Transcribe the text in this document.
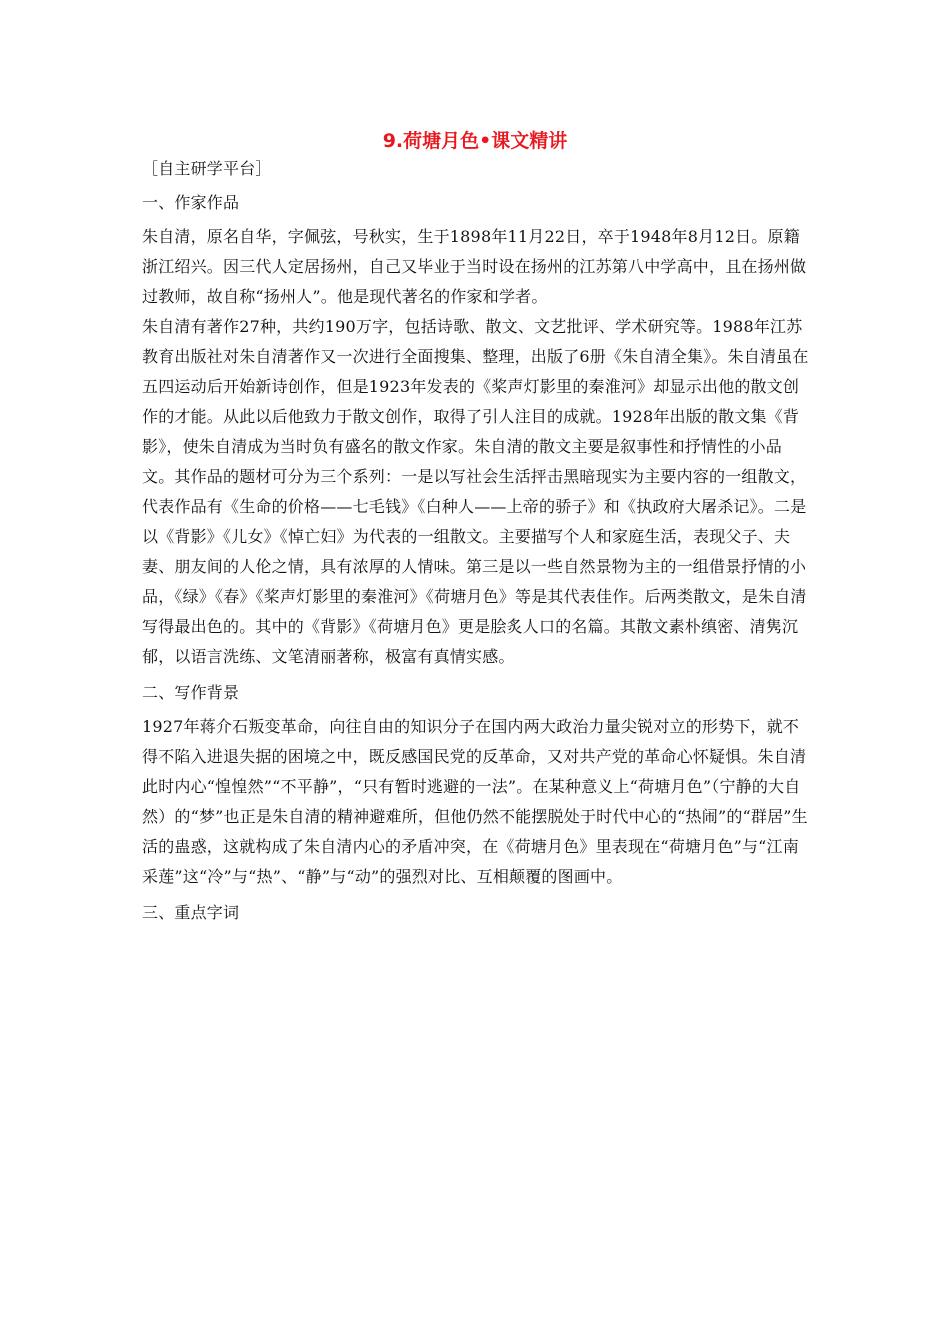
9.荷塘月色•课文精讲

［自主研学平台］

一、作家作品

朱自清，原名自华，字佩弦，号秋实，生于1898年11月22日，卒于1948年8月12日。原籍浙江绍兴。因三代人定居扬州，自己又毕业于当时设在扬州的江苏第八中学高中，且在扬州做过教师，故自称“扬州人”。他是现代著名的作家和学者。

朱自清有著作27种，共约190万字，包括诗歌、散文、文艺批评、学术研究等。1988年江苏教育出版社对朱自清著作又一次进行全面搜集、整理，出版了6册《朱自清全集》。朱自清虽在五四运动后开始新诗创作，但是1923年发表的《桨声灯影里的秦淮河》却显示出他的散文创作的才能。从此以后他致力于散文创作，取得了引人注目的成就。1928年出版的散文集《背影》，使朱自清成为当时负有盛名的散文作家。朱自清的散文主要是叙事性和抒情性的小品文。其作品的题材可分为三个系列：一是以写社会生活抨击黑暗现实为主要内容的一组散文，代表作品有《生命的价格——七毛钱》《白种人——上帝的骄子》和《执政府大屠杀记》。二是以《背影》《儿女》《悼亡妇》为代表的一组散文。主要描写个人和家庭生活，表现父子、夫妻、朋友间的人伦之情，具有浓厚的人情味。第三是以一些自然景物为主的一组借景抒情的小品，《绿》《春》《桨声灯影里的秦淮河》《荷塘月色》等是其代表佳作。后两类散文，是朱自清写得最出色的。其中的《背影》《荷塘月色》更是脍炙人口的名篇。其散文素朴缜密、清隽沉郁，以语言洗练、文笔清丽著称，极富有真情实感。

二、写作背景

1927年蒋介石叛变革命，向往自由的知识分子在国内两大政治力量尖锐对立的形势下，就不得不陷入进退失据的困境之中，既反感国民党的反革命，又对共产党的革命心怀疑惧。朱自清此时内心“惶惶然”“不平静”，“只有暂时逃避的一法”。在某种意义上“荷塘月色”（宁静的大自然）的“梦”也正是朱自清的精神避难所，但他仍然不能摆脱处于时代中心的“热闹”的“群居”生活的蛊惑，这就构成了朱自清内心的矛盾冲突，在《荷塘月色》里表现在“荷塘月色”与“江南采莲”这“冷”与“热”、“静”与“动”的强烈对比、互相颠覆的图画中。

三、重点字词
